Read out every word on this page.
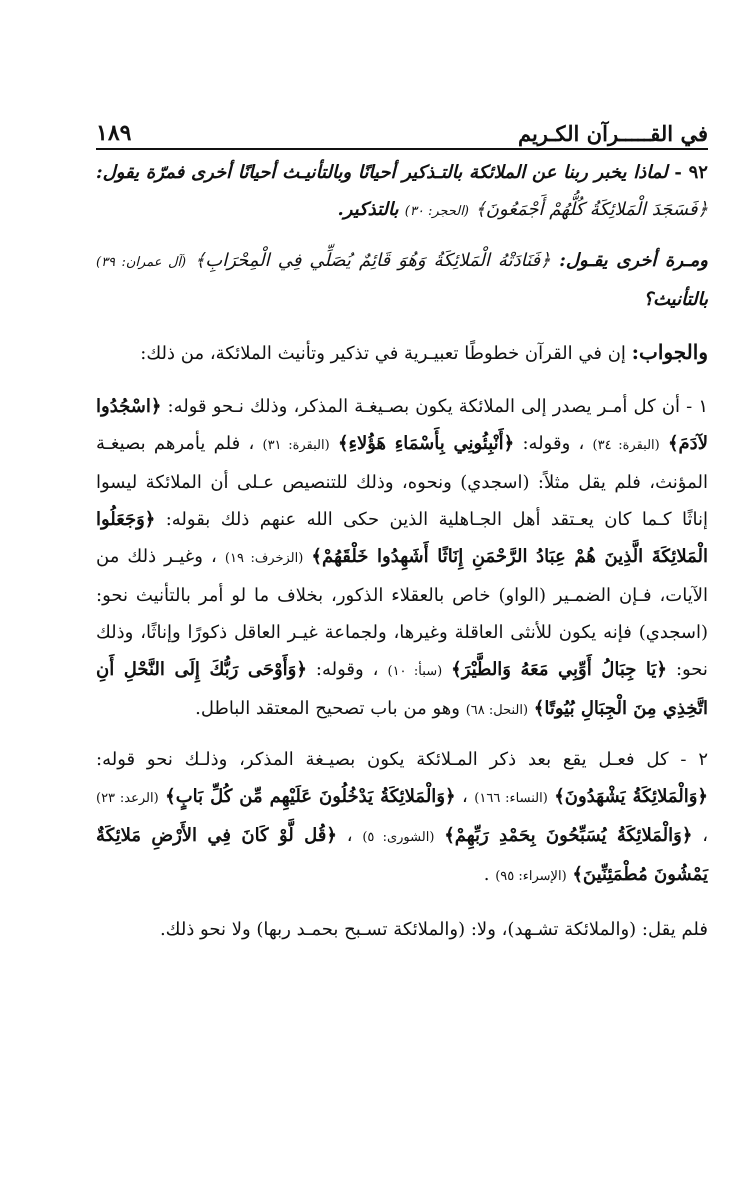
في القـــــرآن الكـريم
١٨٩

٩٢ - لماذا يخبر ربنا عن الملائكة بالتـذكير أحيانًا وبالتأنيـث أحيانًا أخرى فمرّة يقول: ﴿فَسَجَدَ الْمَلائِكَةُ كُلُّهُمْ أَجْمَعُونَ﴾ (الحجر: ٣٠) بالتذكير.

ومـرة أخرى يقـول: ﴿فَنَادَتْهُ الْمَلائِكَةُ وَهُوَ قَائِمٌ يُصَلِّي فِي الْمِحْرَابِ﴾ (آل عمران: ٣٩) بالتأنيث؟

والجواب: إن في القرآن خطوطًا تعبيـرية في تذكير وتأنيث الملائكة، من ذلك:

١ - أن كل أمـر يصدر إلى الملائكة يكون بصـيغـة المذكر، وذلك نـحو قوله: ﴿اسْجُدُوا لآدَمَ﴾ (البقرة: ٣٤) ، وقوله: ﴿أَنْبِئُونِي بِأَسْمَاءِ هَؤُلاءِ﴾ (البقرة: ٣١) ، فلم يأمرهم بصيغـة المؤنث، فلم يقل مثلاً: (اسجدي) ونحوه، وذلك للتنصيص عـلى أن الملائكة ليسوا إناثًا كـما كان يعـتقد أهل الجـاهلية الذين حكى الله عنهم ذلك بقوله: ﴿وَجَعَلُوا الْمَلائِكَةَ الَّذِينَ هُمْ عِبَادُ الرَّحْمَنِ إِنَاثًا أَشَهِدُوا خَلْقَهُمْ﴾ (الزخرف: ١٩) ، وغيـر ذلك من الآيات، فـإن الضمـير (الواو) خاص بالعقلاء الذكور، بخلاف ما لو أمر بالتأنيث نحو: (اسجدي) فإنه يكون للأنثى العاقلة وغيرها، ولجماعة غيـر العاقل ذكورًا وإناثًا، وذلك نحو: ﴿يَا جِبَالُ أَوِّبِي مَعَهُ وَالطَّيْرَ﴾ (سبأ: ١٠) ، وقوله: ﴿وَأَوْحَى رَبُّكَ إِلَى النَّحْلِ أَنِ اتَّخِذِي مِنَ الْجِبَالِ بُيُوتًا﴾ (النحل: ٦٨) وهو من باب تصحيح المعتقد الباطل.

٢ - كل فعـل يقع بعد ذكر المـلائكة يكون بصيـغة المذكر، وذلـك نحو قوله: ﴿وَالْمَلائِكَةُ يَشْهَدُونَ﴾ (النساء: ١٦٦) ، ﴿وَالْمَلائِكَةُ يَدْخُلُونَ عَلَيْهِم مِّن كُلِّ بَابٍ﴾ (الرعد: ٢٣) ، ﴿وَالْمَلائِكَةُ يُسَبِّحُونَ بِحَمْدِ رَبِّهِمْ﴾ (الشورى: ٥) ، ﴿قُل لَّوْ كَانَ فِي الأَرْضِ مَلائِكَةٌ يَمْشُونَ مُطْمَئِنِّينَ﴾ (الإسراء: ٩٥) .

فلم يقل: (والملائكة تشـهد)، ولا: (والملائكة تسـبح بحمـد ربها) ولا نحو ذلك.
